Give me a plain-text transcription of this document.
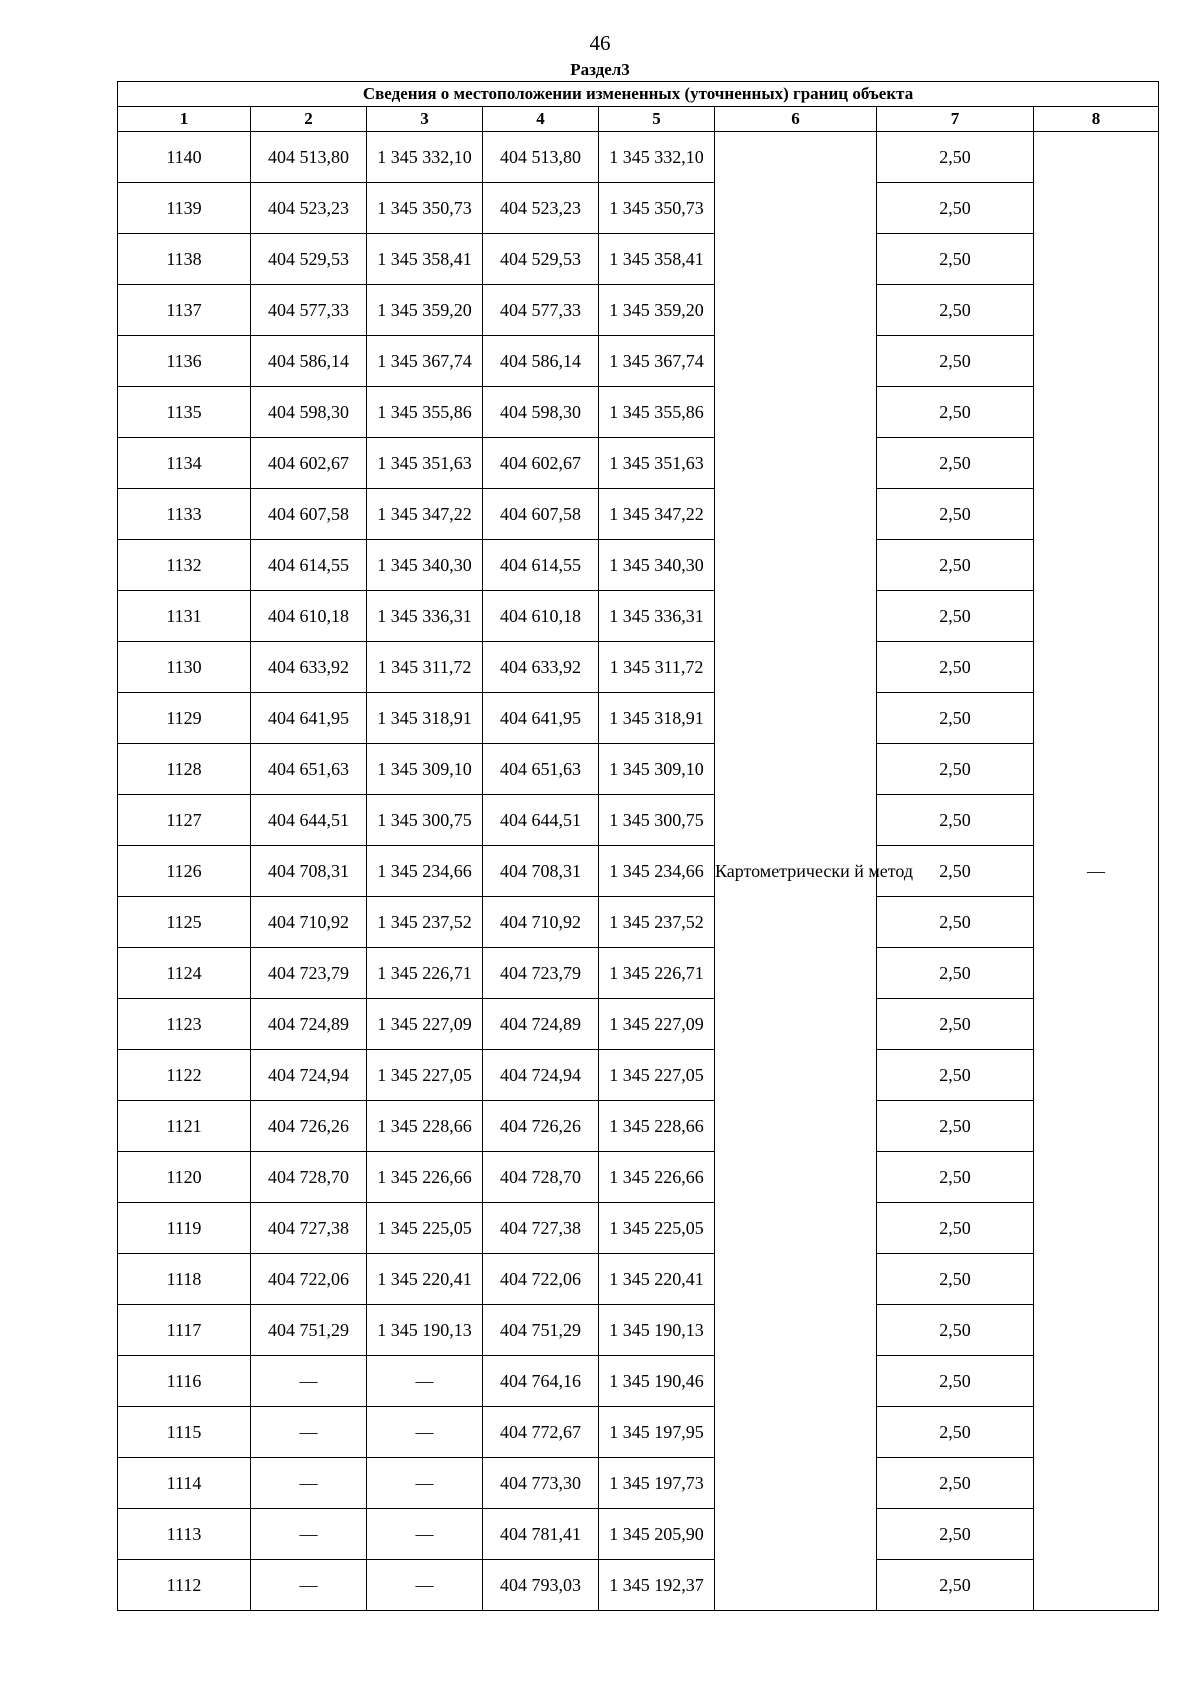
46
Раздел3
Сведения о местоположении измененных (уточненных) границ объекта							
1	2	3	4	5	6	7	8
1140	404 513,80	1 345 332,10	404 513,80	1 345 332,10	Картометрически й метод	2,50	—
1139	404 523,23	1 345 350,73	404 523,23	1 345 350,73		2,50	
1138	404 529,53	1 345 358,41	404 529,53	1 345 358,41		2,50	
1137	404 577,33	1 345 359,20	404 577,33	1 345 359,20		2,50	
1136	404 586,14	1 345 367,74	404 586,14	1 345 367,74		2,50	
1135	404 598,30	1 345 355,86	404 598,30	1 345 355,86		2,50	
1134	404 602,67	1 345 351,63	404 602,67	1 345 351,63		2,50	
1133	404 607,58	1 345 347,22	404 607,58	1 345 347,22		2,50	
1132	404 614,55	1 345 340,30	404 614,55	1 345 340,30		2,50	
1131	404 610,18	1 345 336,31	404 610,18	1 345 336,31		2,50	
1130	404 633,92	1 345 311,72	404 633,92	1 345 311,72		2,50	
1129	404 641,95	1 345 318,91	404 641,95	1 345 318,91		2,50	
1128	404 651,63	1 345 309,10	404 651,63	1 345 309,10		2,50	
1127	404 644,51	1 345 300,75	404 644,51	1 345 300,75		2,50	
1126	404 708,31	1 345 234,66	404 708,31	1 345 234,66		2,50	
1125	404 710,92	1 345 237,52	404 710,92	1 345 237,52		2,50	
1124	404 723,79	1 345 226,71	404 723,79	1 345 226,71		2,50	
1123	404 724,89	1 345 227,09	404 724,89	1 345 227,09		2,50	
1122	404 724,94	1 345 227,05	404 724,94	1 345 227,05		2,50	
1121	404 726,26	1 345 228,66	404 726,26	1 345 228,66		2,50	
1120	404 728,70	1 345 226,66	404 728,70	1 345 226,66		2,50	
1119	404 727,38	1 345 225,05	404 727,38	1 345 225,05		2,50	
1118	404 722,06	1 345 220,41	404 722,06	1 345 220,41		2,50	
1117	404 751,29	1 345 190,13	404 751,29	1 345 190,13		2,50	
1116	—	—	404 764,16	1 345 190,46		2,50	
1115	—	—	404 772,67	1 345 197,95		2,50	
1114	—	—	404 773,30	1 345 197,73		2,50	
1113	—	—	404 781,41	1 345 205,90		2,50	
1112	—	—	404 793,03	1 345 192,37		2,50	
